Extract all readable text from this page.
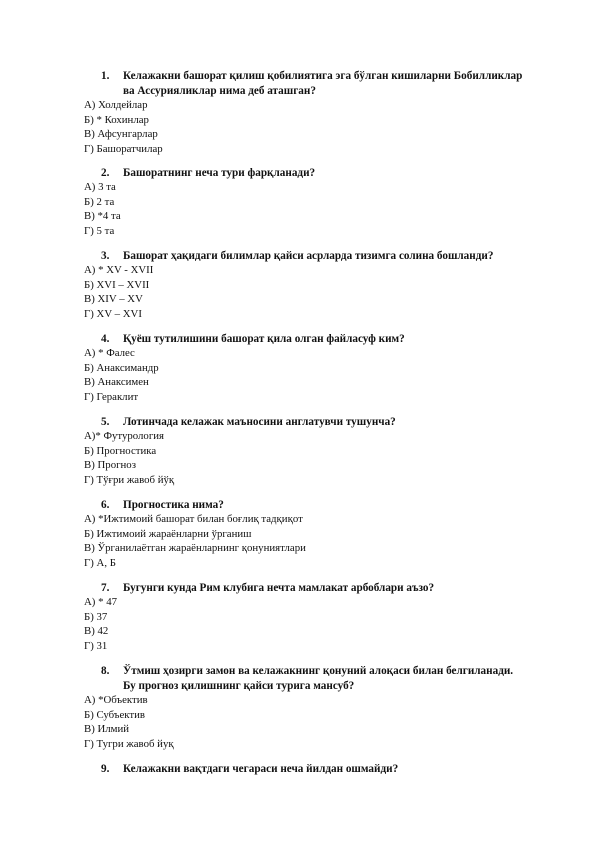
1.	Келажакни башорат қилиш қобилиятига эга бўлган кишиларни Бобилликлар
ва Ассурияликлар нима деб аташган?
А) Холдейлар
Б) * Кохинлар
В) Афсунгарлар
Г) Башоратчилар
2.	Башоратнинг неча тури фарқланади?
А) 3 та
Б) 2 та
В) *4 та
Г) 5 та
3.	Башорат ҳақидаги билимлар қайси асрларда тизимга солина бошланди?
А) * XV - XVII
Б) XVI – XVII
В) XIV – XV
Г) XV – XVI
4.	Қуёш тутилишини башорат қила олган файласуф ким?
А) * Фалес
Б) Анаксимандр
В) Анаксимен
Г) Гераклит
5.	Лотинчада келажак маъносини англатувчи тушунча?
А)* Футурология
Б) Прогностика
В) Прогноз
Г) Тўғри жавоб йўқ
6.	Прогностика нима?
А) *Ижтимоий башорат билан боғлиқ тадқиқот
Б) Ижтимоий жараёнларни ўрганиш
В) Ўрганилаётган жараёнларнинг қонуниятлари
Г) А, Б
7.	Бугунги кунда Рим клубига нечта мамлакат арбоблари аъзо?
А) * 47
Б) 37
В) 42
Г) 31
8.	Ўтмиш ҳозирги замон ва келажакнинг қонуний алоқаси билан белгиланади.
Бу прогноз қилишнинг қайси турига мансуб?
А) *Объектив
Б) Субъектив
В) Илмий
Г) Тугри жавоб йуқ
9.	Келажакни вақтдаги чегараси неча йилдан ошмайди?
